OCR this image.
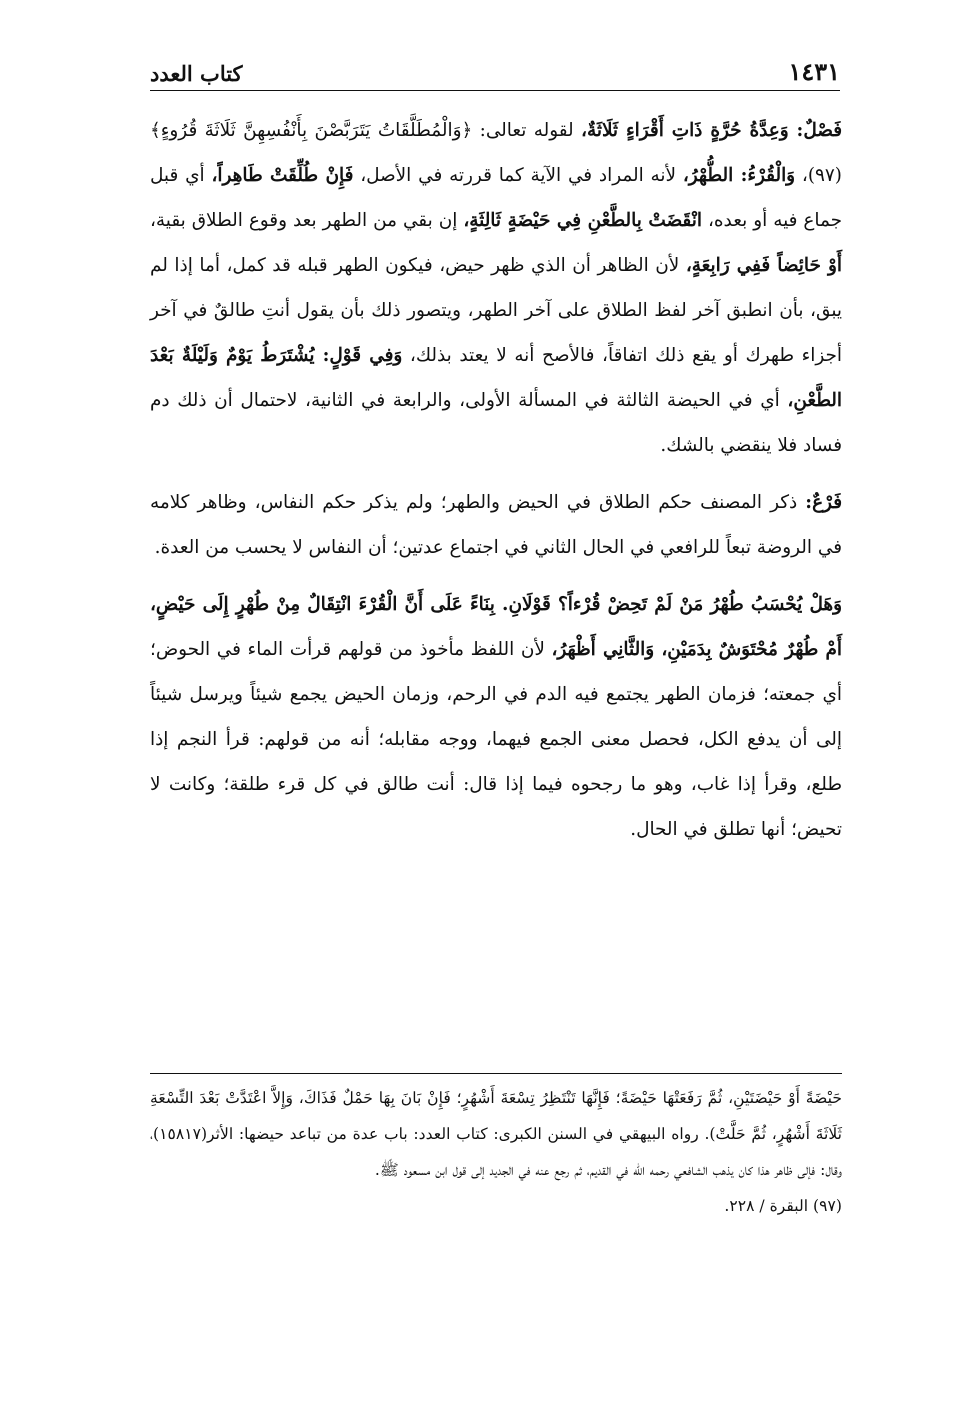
١٤٣١
كتاب العدد

فَصْلٌ: وَعِدَّةُ حُرَّةٍ ذَاتِ أَقْرَاءٍ ثَلَاثَةٌ، لقوله تعالى: ﴿وَالْمُطَلَّقَاتُ يَتَرَبَّصْنَ بِأَنْفُسِهِنَّ ثَلَاثَةَ قُرُوءٍ﴾(٩٧)، وَالْقُرْءُ: الطُّهْرُ، لأنه المراد في الآية كما قررته في الأصل، فَإِنْ طُلِّقَتْ طَاهِراً، أي قبل جماع فيه أو بعده، انْقَضَتْ بِالطَّعْنِ فِي حَيْضَةٍ ثَالِثَةٍ، إن بقي من الطهر بعد وقوع الطلاق بقية، أَوْ حَائِضاً فَفِي رَابِعَةٍ، لأن الظاهر أن الذي ظهر حيض، فيكون الطهر قبله قد كمل، أما إذا لم يبق، بأن انطبق آخر لفظ الطلاق على آخر الطهر، ويتصور ذلك بأن يقول أنتِ طالقٌ في آخر أجزاء طهرك أو يقع ذلك اتفاقاً، فالأصح أنه لا يعتد بذلك، وَفِي قَوْلٍ: يُشْتَرَطُ يَوْمٌ وَلَيْلَةٌ بَعْدَ الطَّعْنِ، أي في الحيضة الثالثة في المسألة الأولى، والرابعة في الثانية، لاحتمال أن ذلك دم فساد فلا ينقضي بالشك.

فَرْعٌ: ذكر المصنف حكم الطلاق في الحيض والطهر؛ ولم يذكر حكم النفاس، وظاهر كلامه في الروضة تبعاً للرافعي في الحال الثاني في اجتماع عدتين؛ أن النفاس لا يحسب من العدة.

وَهَلْ يُحْسَبُ طُهْرُ مَنْ لَمْ تَحِضْ قُرْءاً؟ قَوْلَانِ. بِنَاءً عَلَى أَنَّ الْقُرْءَ انْتِقَالٌ مِنْ طُهْرٍ إِلَى حَيْضٍ، أَمْ طُهْرٌ مُحْتَوَشٌ بِدَمَيْنِ، وَالثَّانِي أَظْهَرُ، لأن اللفظ مأخوذ من قولهم قرأت الماء في الحوض؛ أي جمعته؛ فزمان الطهر يجتمع فيه الدم في الرحم، وزمان الحيض يجمع شيئاً ويرسل شيئاً إلى أن يدفع الكل، فحصل معنى الجمع فيهما، ووجه مقابله؛ أنه من قولهم: قرأ النجم إذا طلع، وقرأ إذا غاب، وهو ما رجحوه فيما إذا قال: أنت طالق في كل قرء طلقة؛ وكانت لا تحيض؛ أنها تطلق في الحال.

حَيْضَةً أَوْ حَيْضَتَيْنِ، ثُمَّ رَفَعَتْهَا حَيْضَةً؛ فَإِنَّهَا تَنْتَظِرُ تِسْعَةَ أَشْهُرٍ؛ فَإِنْ بَانَ بِهَا حَمْلٌ فَذَاكَ، وَإِلاَّ اعْتَدَّتْ بَعْدَ التِّسْعَةِ ثَلَاثَةَ أَشْهُرٍ، ثُمَّ حَلَّتْ). رواه البيهقي في السنن الكبرى: كتاب العدد: باب عدة من تباعد حيضها: الأثر(١٥٨١٧)، وقال: فإلى ظاهر هذا كان يذهب الشافعي رحمه الله في القديم، ثم رجع عنه في الجديد إلى قول ابن مسعود ﷺ.

(٩٧) البقرة / ٢٢٨.
